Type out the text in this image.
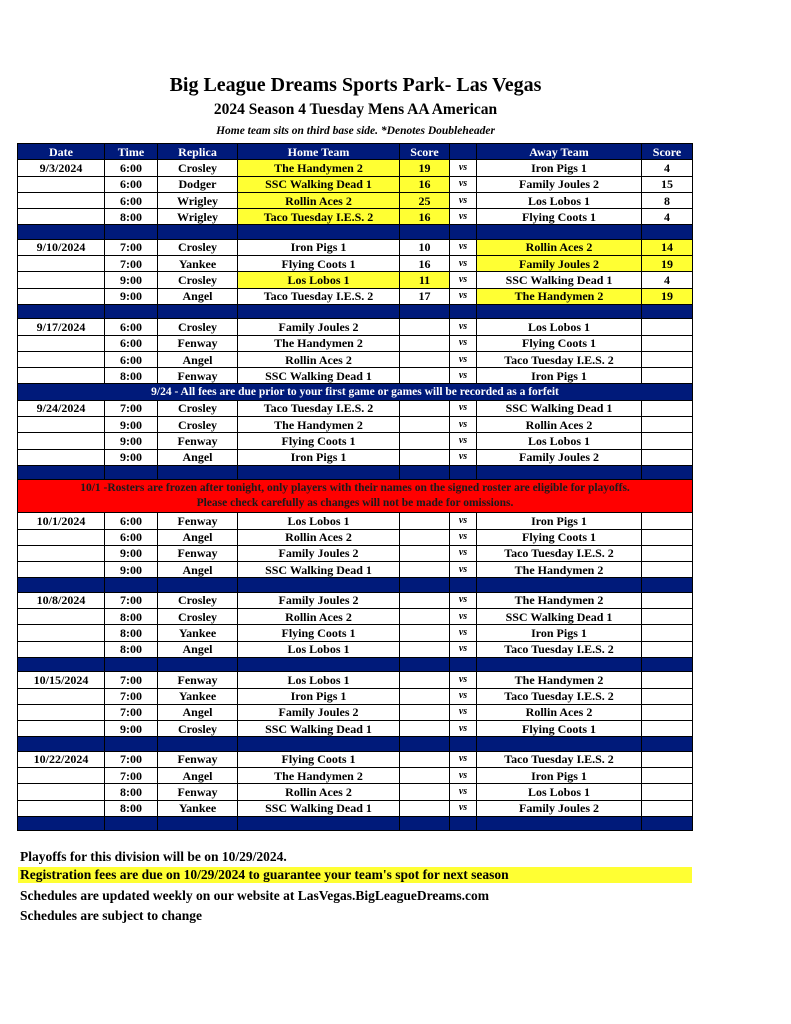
Big League Dreams Sports Park- Las Vegas
2024 Season 4 Tuesday Mens AA American
Home team sits on third base side. *Denotes Doubleheader
Date	Time	Replica	Home Team	Score		Away Team	Score
9/3/2024	6:00	Crosley	The Handymen 2	19	vs	Iron Pigs 1	4
	6:00	Dodger	SSC Walking Dead 1	16	vs	Family Joules 2	15
	6:00	Wrigley	Rollin Aces 2	25	vs	Los Lobos 1	8
	8:00	Wrigley	Taco Tuesday I.E.S. 2	16	vs	Flying Coots 1	4

9/10/2024	7:00	Crosley	Iron Pigs 1	10	vs	Rollin Aces 2	14
	7:00	Yankee	Flying Coots 1	16	vs	Family Joules 2	19
	9:00	Crosley	Los Lobos 1	11	vs	SSC Walking Dead 1	4
	9:00	Angel	Taco Tuesday I.E.S. 2	17	vs	The Handymen 2	19

9/17/2024	6:00	Crosley	Family Joules 2		vs	Los Lobos 1	
	6:00	Fenway	The Handymen 2		vs	Flying Coots 1	
	6:00	Angel	Rollin Aces 2		vs	Taco Tuesday I.E.S. 2	
	8:00	Fenway	SSC Walking Dead 1		vs	Iron Pigs 1	
9/24 - All fees are due prior to your first game or games will be recorded as a forfeit							
9/24/2024	7:00	Crosley	Taco Tuesday I.E.S. 2		vs	SSC Walking Dead 1	
	9:00	Crosley	The Handymen 2		vs	Rollin Aces 2	
	9:00	Fenway	Flying Coots 1		vs	Los Lobos 1	
	9:00	Angel	Iron Pigs 1		vs	Family Joules 2	

10/1 -Rosters are frozen after tonight, only players with their names on the signed roster are eligible for playoffs.
Please check carefully as changes will not be made for omissions.							

10/1/2024	6:00	Fenway	Los Lobos 1		vs	Iron Pigs 1	
	6:00	Angel	Rollin Aces 2		vs	Flying Coots 1	
	9:00	Fenway	Family Joules 2		vs	Taco Tuesday I.E.S. 2	
	9:00	Angel	SSC Walking Dead 1		vs	The Handymen 2	

10/8/2024	7:00	Crosley	Family Joules 2		vs	The Handymen 2	
	8:00	Crosley	Rollin Aces 2		vs	SSC Walking Dead 1	
	8:00	Yankee	Flying Coots 1		vs	Iron Pigs 1	
	8:00	Angel	Los Lobos 1		vs	Taco Tuesday I.E.S. 2	

10/15/2024	7:00	Fenway	Los Lobos 1		vs	The Handymen 2	
	7:00	Yankee	Iron Pigs 1		vs	Taco Tuesday I.E.S. 2	
	7:00	Angel	Family Joules 2		vs	Rollin Aces 2	
	9:00	Crosley	SSC Walking Dead 1		vs	Flying Coots 1	

10/22/2024	7:00	Fenway	Flying Coots 1		vs	Taco Tuesday I.E.S. 2	
	7:00	Angel	The Handymen 2		vs	Iron Pigs 1	
	8:00	Fenway	Rollin Aces 2		vs	Los Lobos 1	
	8:00	Yankee	SSC Walking Dead 1		vs	Family Joules 2	

Playoffs for this division will be on 10/29/2024.
Registration fees are due on 10/29/2024 to guarantee your team's spot for next season
Schedules are updated weekly on our website at LasVegas.BigLeagueDreams.com
Schedules are subject to change
